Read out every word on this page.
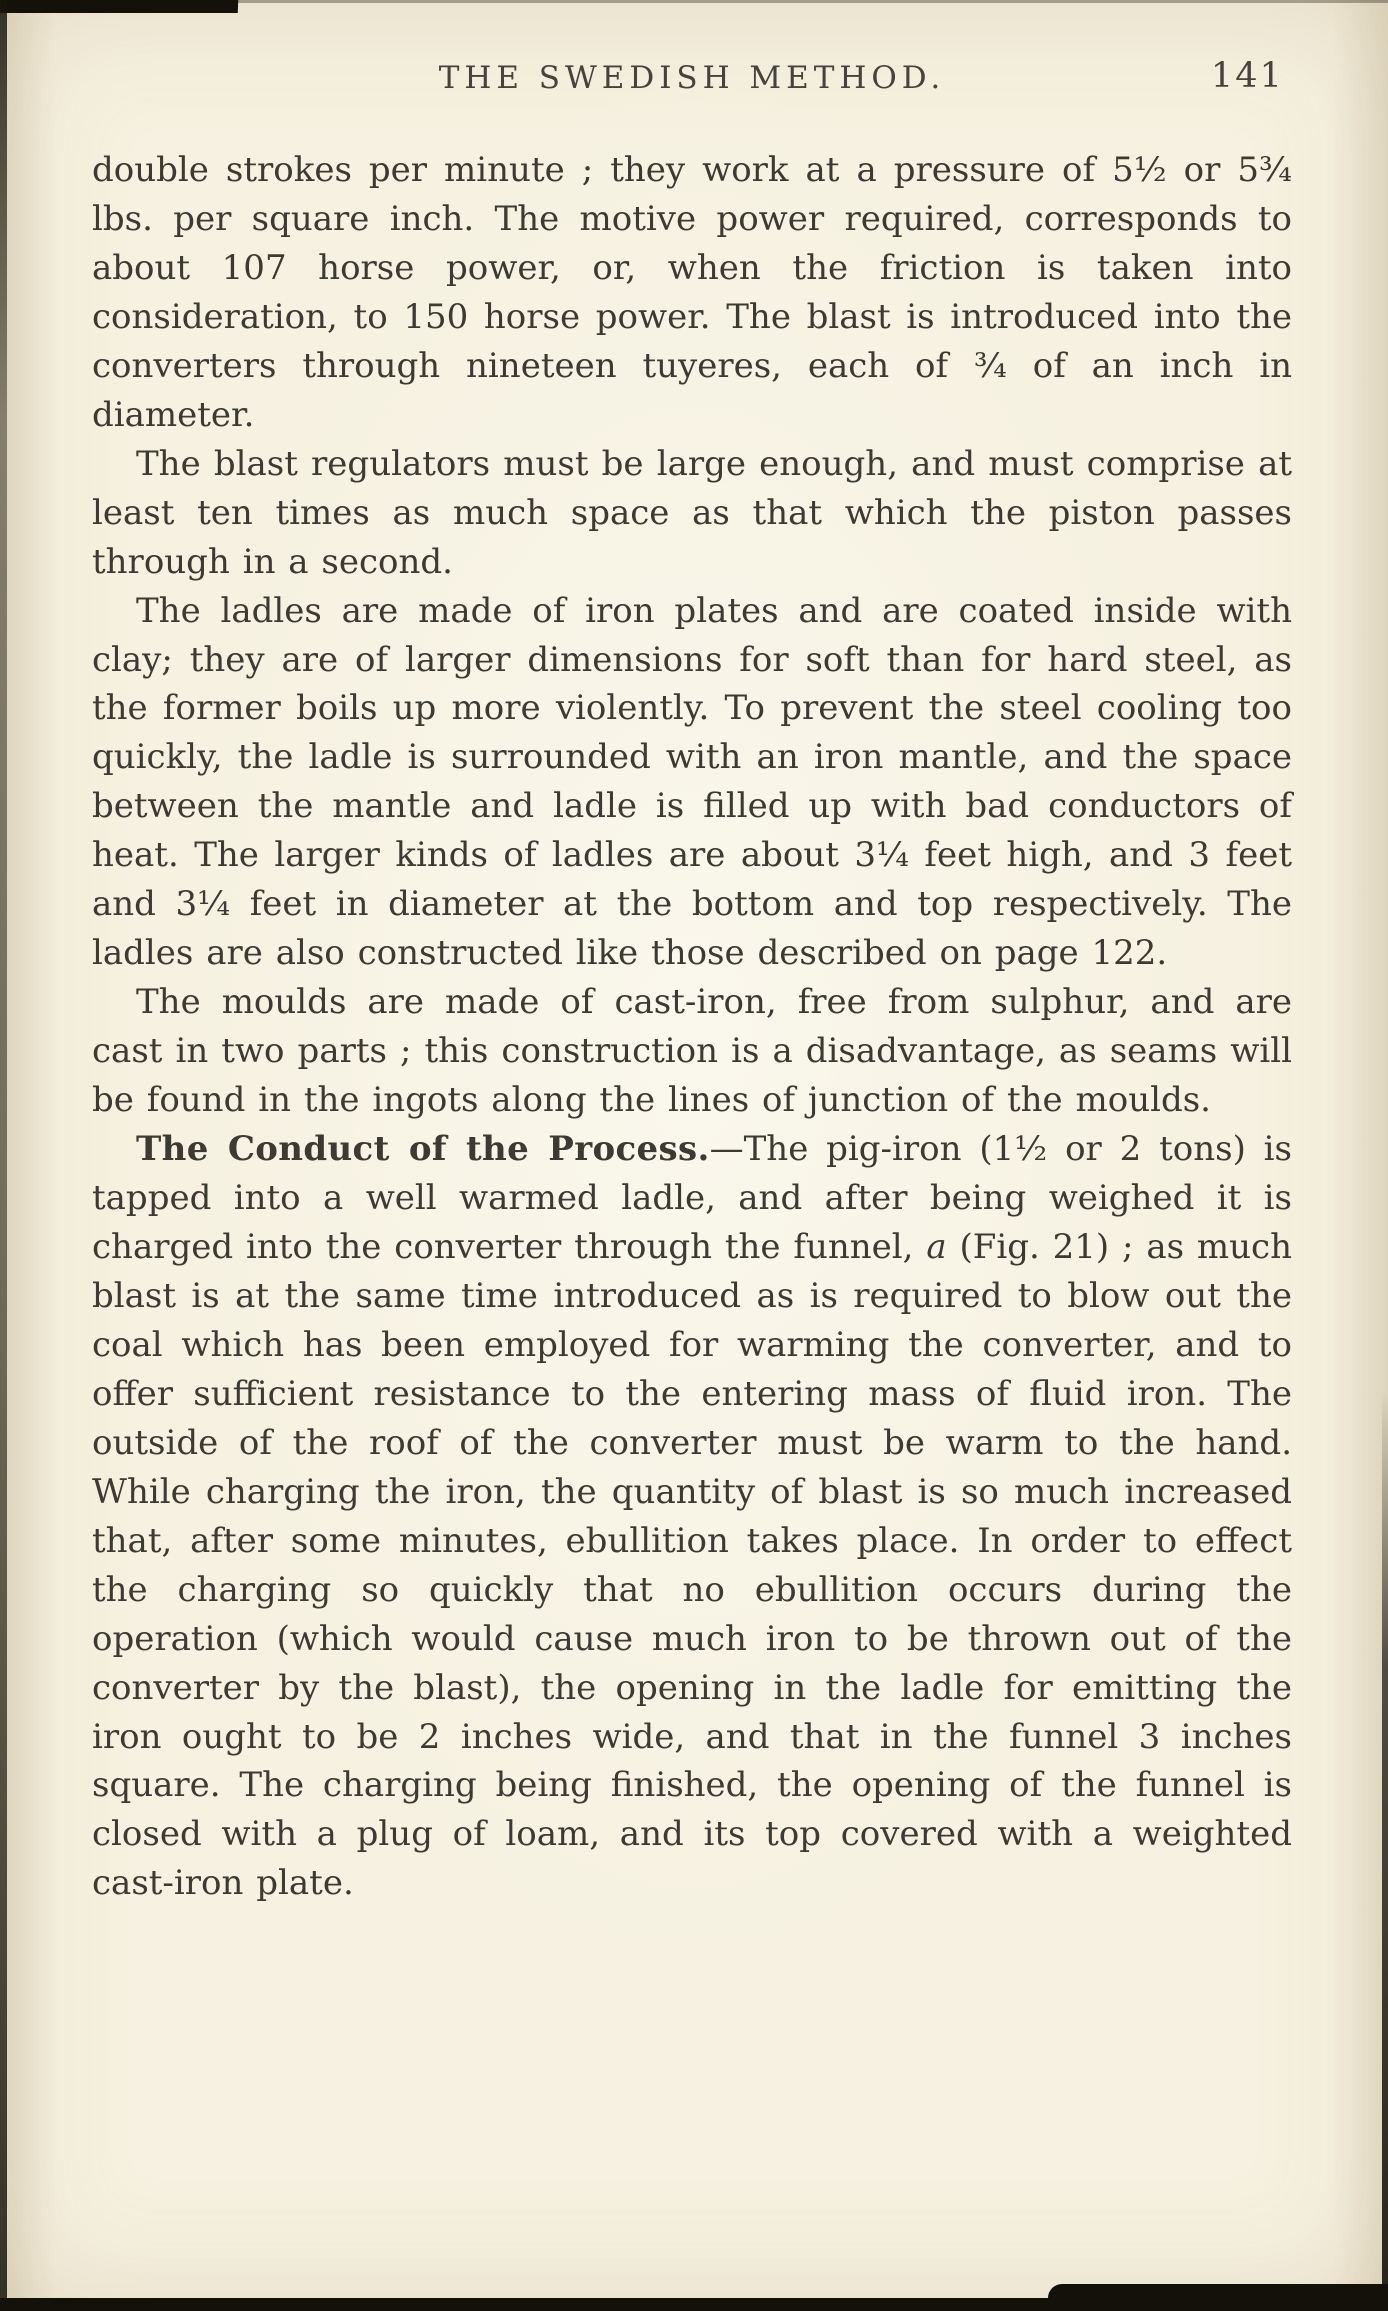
THE SWEDISH METHOD.	141

double strokes per minute ; they work at a pressure of 5½ or 5¾ lbs. per square inch. The motive power required, corresponds to about 107 horse power, or, when the friction is taken into consideration, to 150 horse power. The blast is introduced into the converters through nineteen tuyeres, each of ¾ of an inch in diameter.

The blast regulators must be large enough, and must comprise at least ten times as much space as that which the piston passes through in a second.

The ladles are made of iron plates and are coated inside with clay; they are of larger dimensions for soft than for hard steel, as the former boils up more violently. To prevent the steel cooling too quickly, the ladle is surrounded with an iron mantle, and the space between the mantle and ladle is filled up with bad conductors of heat. The larger kinds of ladles are about 3¼ feet high, and 3 feet and 3¼ feet in diameter at the bottom and top respectively. The ladles are also constructed like those described on page 122.

The moulds are made of cast-iron, free from sulphur, and are cast in two parts ; this construction is a disadvantage, as seams will be found in the ingots along the lines of junction of the moulds.

The Conduct of the Process.—The pig-iron (1½ or 2 tons) is tapped into a well warmed ladle, and after being weighed it is charged into the converter through the funnel, a (Fig. 21) ; as much blast is at the same time introduced as is required to blow out the coal which has been employed for warming the converter, and to offer sufficient resistance to the entering mass of fluid iron. The outside of the roof of the converter must be warm to the hand. While charging the iron, the quantity of blast is so much increased that, after some minutes, ebullition takes place. In order to effect the charging so quickly that no ebullition occurs during the operation (which would cause much iron to be thrown out of the converter by the blast), the opening in the ladle for emitting the iron ought to be 2 inches wide, and that in the funnel 3 inches square. The charging being finished, the opening of the funnel is closed with a plug of loam, and its top covered with a weighted cast-iron plate.
